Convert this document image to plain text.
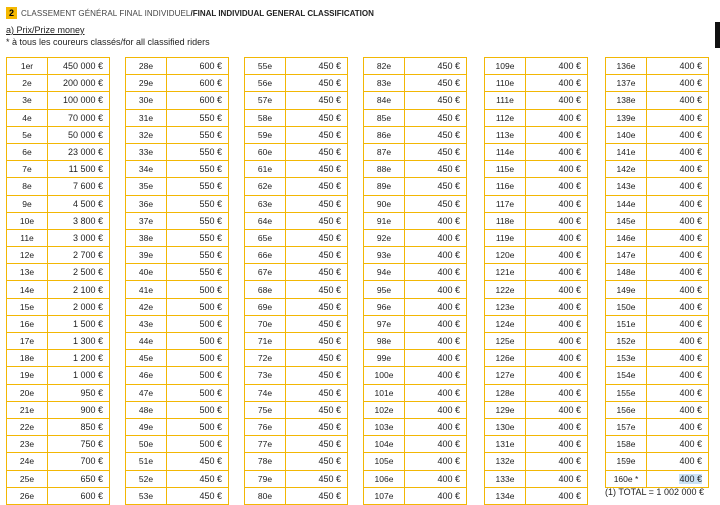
2 CLASSEMENT GÉNÉRAL FINAL INDIVIDUEL / FINAL INDIVIDUAL GENERAL CLASSIFICATION
a) Prix/Prize money
* à tous les coureurs classés/for all classified riders
1er	450 000 €
2e	200 000 €
3e	100 000 €
4e	70 000 €
5e	50 000 €
6e	23 000 €
7e	11 500 €
8e	7 600 €
9e	4 500 €
10e	3 800 €
11e	3 000 €
12e	2 700 €
13e	2 500 €
14e	2 100 €
15e	2 000 €
16e	1 500 €
17e	1 300 €
18e	1 200 €
19e	1 000 €
20e	950 €
21e	900 €
22e	850 €
23e	750 €
24e	700 €
25e	650 €
26e	600 €
28e	600 €
29e	600 €
30e	600 €
31e	550 €
32e	550 €
33e	550 €
34e	550 €
35e	550 €
36e	550 €
37e	550 €
38e	550 €
39e	550 €
40e	550 €
41e	500 €
42e	500 €
43e	500 €
44e	500 €
45e	500 €
46e	500 €
47e	500 €
48e	500 €
49e	500 €
50e	500 €
51e	450 €
52e	450 €
53e	450 €
55e	450 €
56e	450 €
57e	450 €
58e	450 €
59e	450 €
60e	450 €
61e	450 €
62e	450 €
63e	450 €
64e	450 €
65e	450 €
66e	450 €
67e	450 €
68e	450 €
69e	450 €
70e	450 €
71e	450 €
72e	450 €
73e	450 €
74e	450 €
75e	450 €
76e	450 €
77e	450 €
78e	450 €
79e	450 €
80e	450 €
82e	450 €
83e	450 €
84e	450 €
85e	450 €
86e	450 €
87e	450 €
88e	450 €
89e	450 €
90e	450 €
91e	400 €
92e	400 €
93e	400 €
94e	400 €
95e	400 €
96e	400 €
97e	400 €
98e	400 €
99e	400 €
100e	400 €
101e	400 €
102e	400 €
103e	400 €
104e	400 €
105e	400 €
106e	400 €
107e	400 €
109e	400 €
110e	400 €
111e	400 €
112e	400 €
113e	400 €
114e	400 €
115e	400 €
116e	400 €
117e	400 €
118e	400 €
119e	400 €
120e	400 €
121e	400 €
122e	400 €
123e	400 €
124e	400 €
125e	400 €
126e	400 €
127e	400 €
128e	400 €
129e	400 €
130e	400 €
131e	400 €
132e	400 €
133e	400 €
134e	400 €
136e	400 €
137e	400 €
138e	400 €
139e	400 €
140e	400 €
141e	400 €
142e	400 €
143e	400 €
144e	400 €
145e	400 €
146e	400 €
147e	400 €
148e	400 €
149e	400 €
150e	400 €
151e	400 €
152e	400 €
153e	400 €
154e	400 €
155e	400 €
156e	400 €
157e	400 €
158e	400 €
159e	400 €
160e *	400 €
(1) TOTAL = 1 002 000 €
